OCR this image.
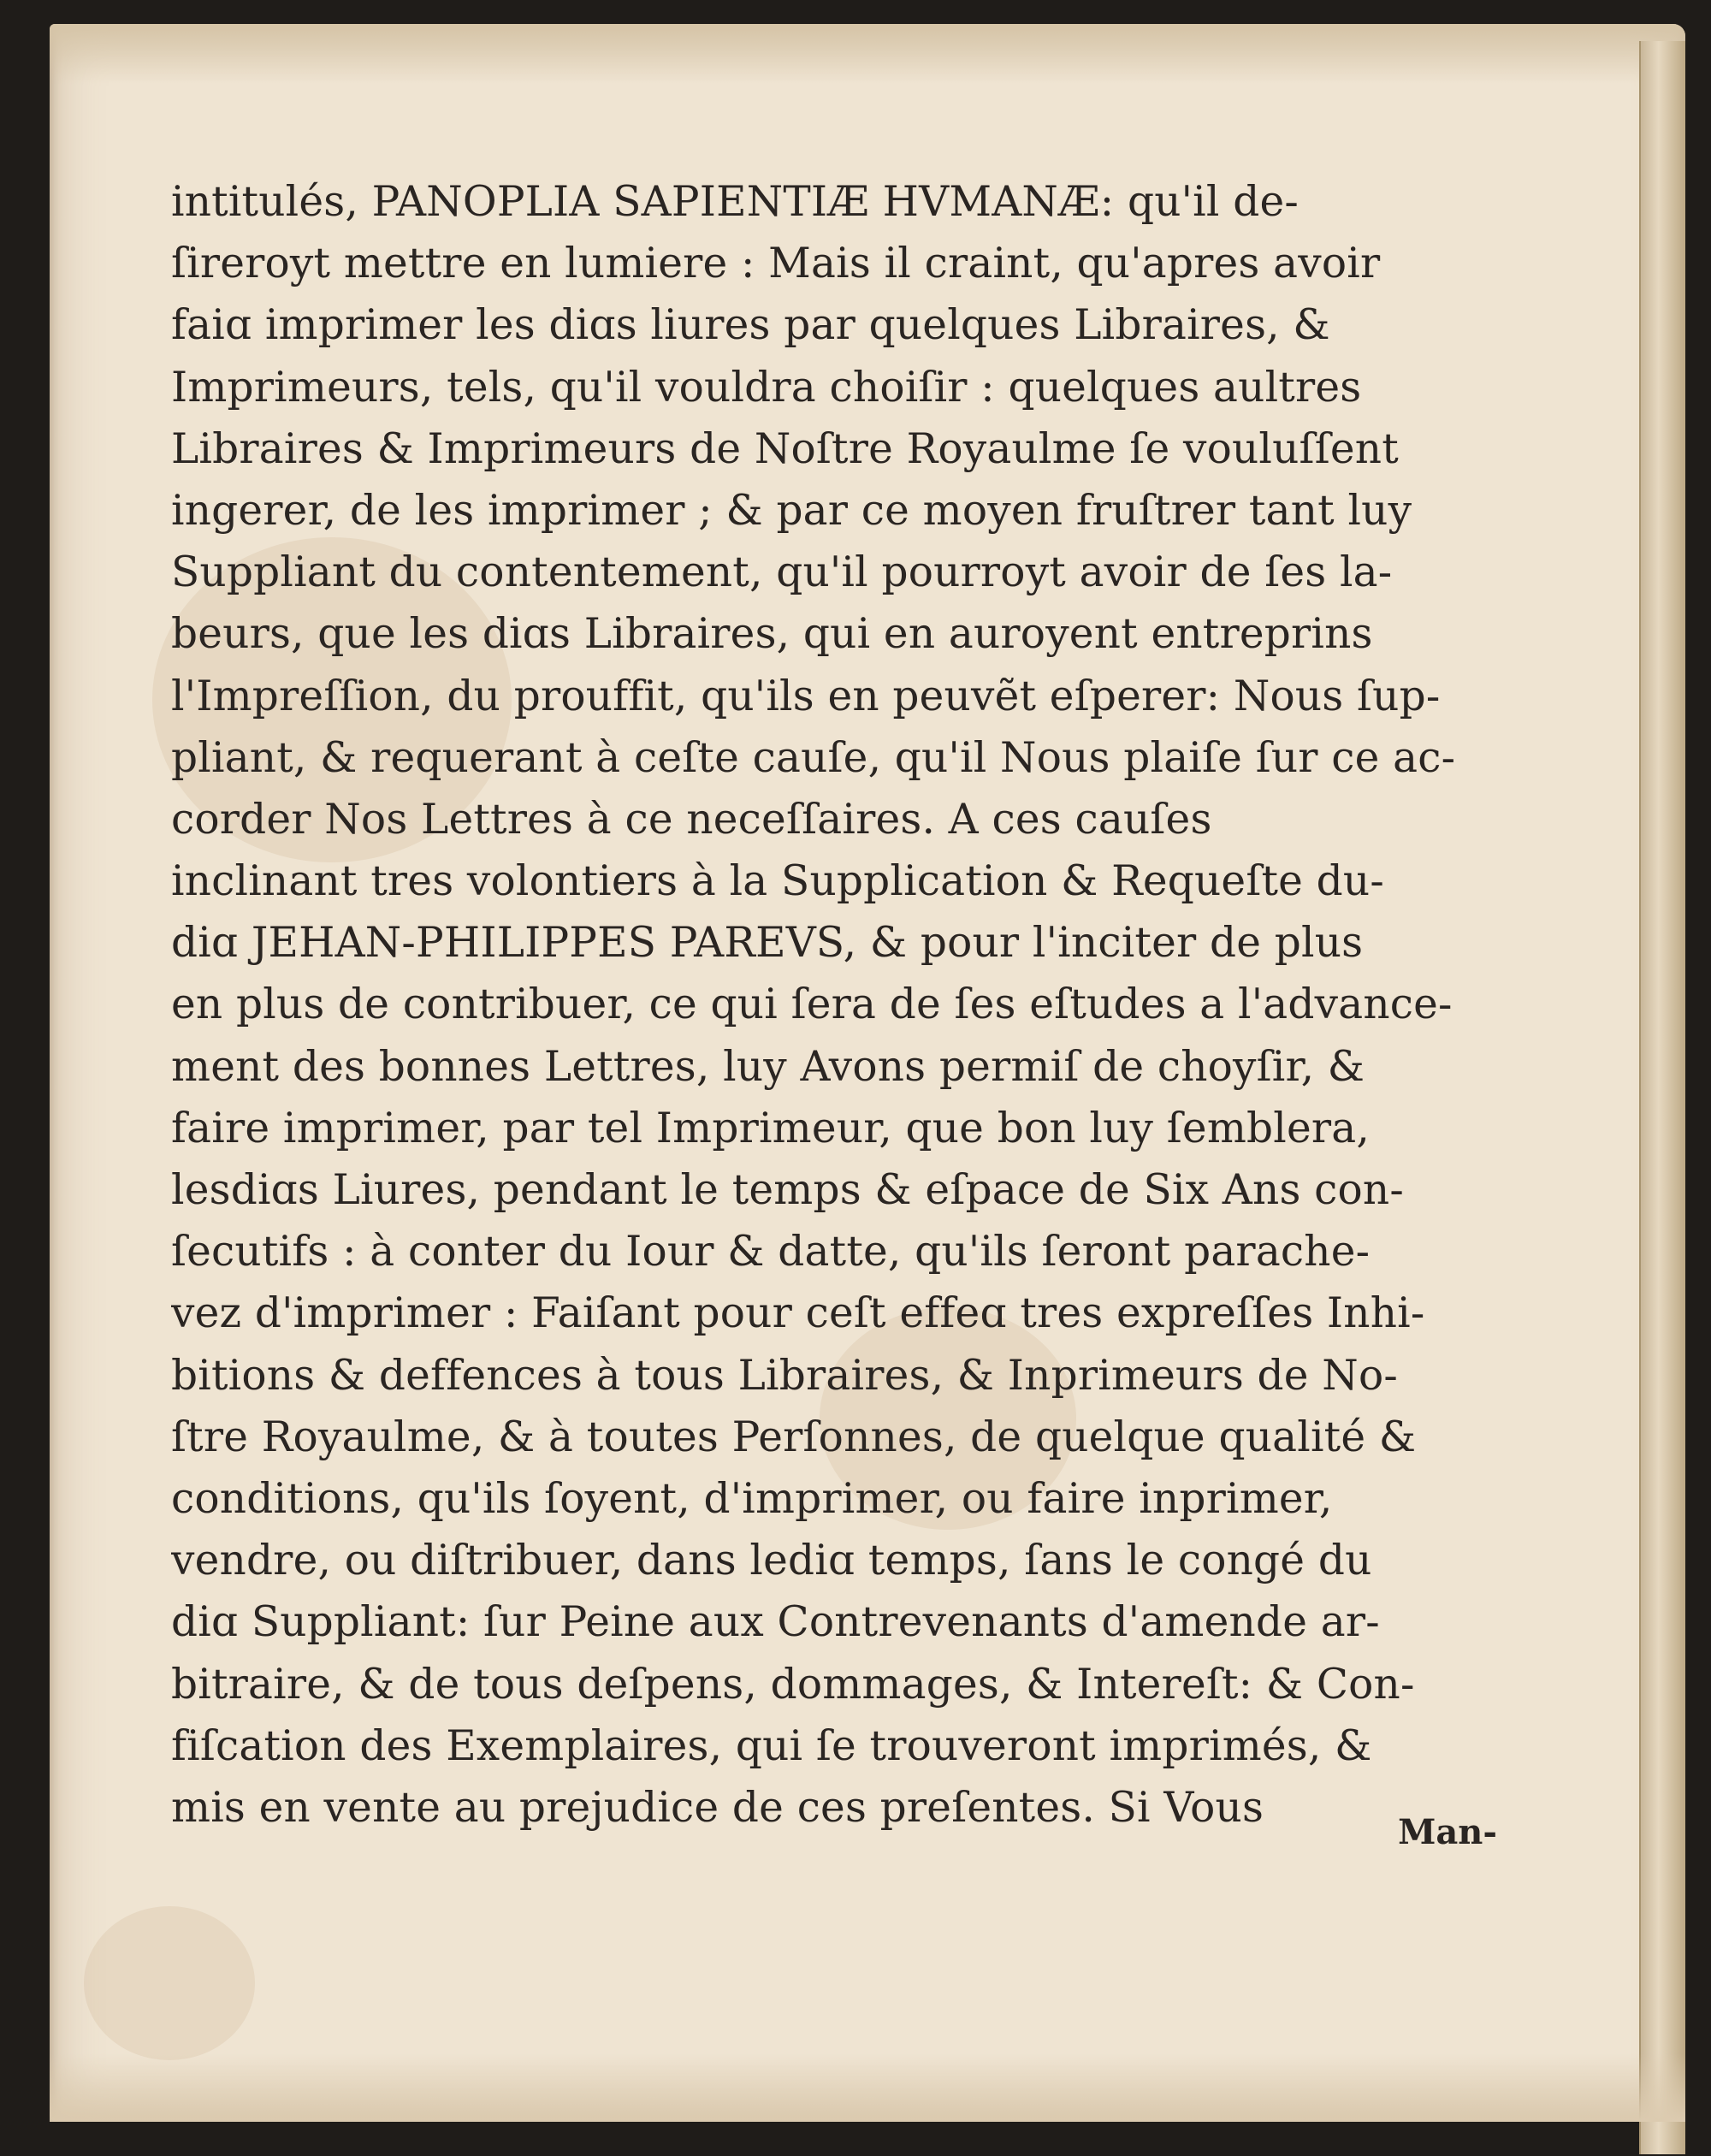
intitulés, PANOPLIA SAPIENTIÆ HVMANÆ: qu'il de-
ſireroyt mettre en lumiere : Mais il craint, qu'apres avoir
faiɑ imprimer les diɑs liures par quelques Libraires, &
Imprimeurs, tels, qu'il vouldra choiſir : quelques aultres
Libraires & Imprimeurs de Noſtre Royaulme ſe vouluſſent
ingerer, de les imprimer ; & par ce moyen fruſtrer tant luy
Suppliant du contentement, qu'il pourroyt avoir de ſes la-
beurs, que les diɑs Libraires, qui en auroyent entreprins
l'Impreſſion, du prouffit, qu'ils en peuvẽt eſperer: Nous ſup-
pliant, & requerant à ceſte cauſe, qu'il Nous plaiſe ſur ce ac-
corder Nos Lettres à ce neceſſaires. A ces cauſes
inclinant tres volontiers à la Supplication & Requeſte du-
diɑ JEHAN-PHILIPPES PAREVS, & pour l'inciter de plus
en plus de contribuer, ce qui ſera de ſes eſtudes a l'advance-
ment des bonnes Lettres, luy Avons permiſ de choyſir, &
faire imprimer, par tel Imprimeur, que bon luy ſemblera,
lesdiɑs Liures, pendant le temps & eſpace de Six Ans con-
ſecutifs : à conter du Iour & datte, qu'ils ſeront parache-
vez d'imprimer : Faiſant pour ceſt effeɑ tres expreſſes Inhi-
bitions & deffences à tous Libraires, & Inprimeurs de No-
ſtre Royaulme, & à toutes Perſonnes, de quelque qualité &
conditions, qu'ils ſoyent, d'imprimer, ou faire inprimer,
vendre, ou diſtribuer, dans lediɑ temps, ſans le congé du
diɑ Suppliant: ſur Peine aux Contrevenants d'amende ar-
bitraire, & de tous deſpens, dommages, & Intereſt: & Con-
fiſcation des Exemplaires, qui ſe trouveront imprimés, &
mis en vente au prejudice de ces preſentes. Si Vous
Man-
